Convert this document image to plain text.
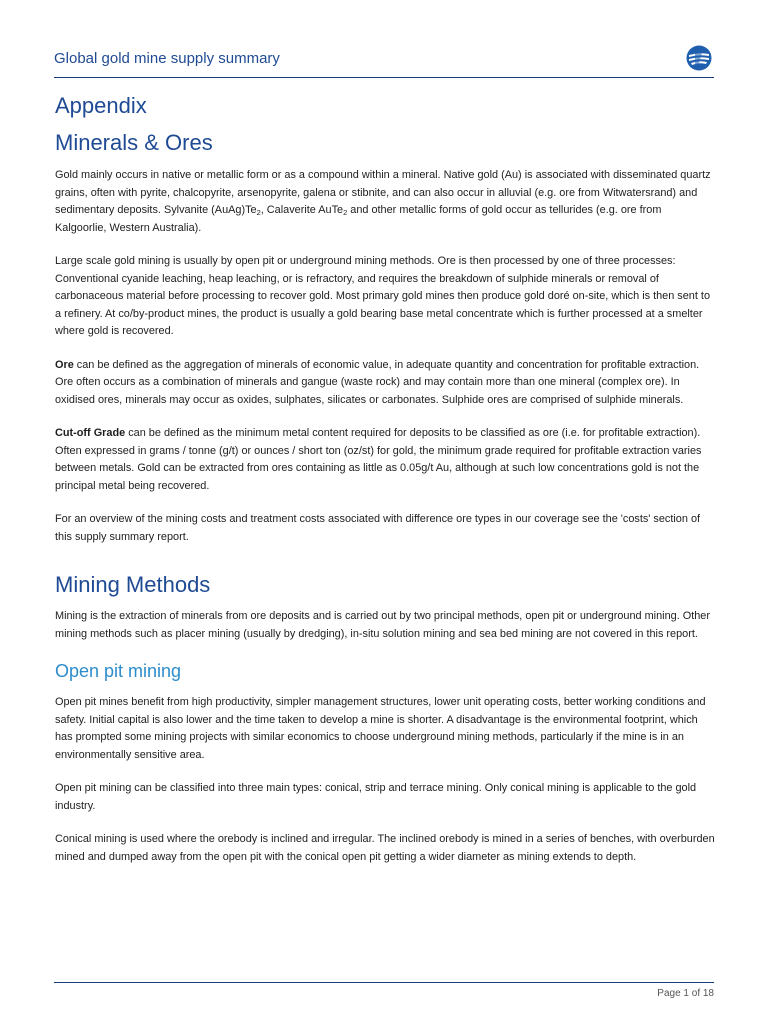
Global gold mine supply summary
Appendix
Minerals & Ores

Gold mainly occurs in native or metallic form or as a compound within a mineral. Native gold (Au) is associated with disseminated quartz grains, often with pyrite, chalcopyrite, arsenopyrite, galena or stibnite, and can also occur in alluvial (e.g. ore from Witwatersrand) and sedimentary deposits. Sylvanite $(AuAg)Te_2$, Calaverite AuTe$_2$ and other metallic forms of gold occur as tellurides (e.g. ore from Kalgoorlie, Western Australia).

Large scale gold mining is usually by open pit or underground mining methods. Ore is then processed by one of three processes: Conventional cyanide leaching, heap leaching, or is refractory, and requires the breakdown of sulphide minerals or removal of carbonaceous material before processing to recover gold. Most primary gold mines then produce gold doré on-site, which is then sent to a refinery. At co/by-product mines, the product is usually a gold bearing base metal concentrate which is further processed at a smelter where gold is recovered.

Ore can be defined as the aggregation of minerals of economic value, in adequate quantity and concentration for profitable extraction. Ore often occurs as a combination of minerals and gangue (waste rock) and may contain more than one mineral (complex ore). In oxidised ores, minerals may occur as oxides, sulphates, silicates or carbonates. Sulphide ores are comprised of sulphide minerals.

Cut-off Grade can be defined as the minimum metal content required for deposits to be classified as ore (i.e. for profitable extraction). Often expressed in grams / tonne (g/t) or ounces / short ton (oz/st) for gold, the minimum grade required for profitable extraction varies between metals. Gold can be extracted from ores containing as little as 0.05g/t Au, although at such low concentrations gold is not the principal metal being recovered.

For an overview of the mining costs and treatment costs associated with difference ore types in our coverage see the 'costs' section of this supply summary report.

Mining Methods

Mining is the extraction of minerals from ore deposits and is carried out by two principal methods, open pit or underground mining. Other mining methods such as placer mining (usually by dredging), in-situ solution mining and sea bed mining are not covered in this report.

Open pit mining

Open pit mines benefit from high productivity, simpler management structures, lower unit operating costs, better working conditions and safety. Initial capital is also lower and the time taken to develop a mine is shorter. A disadvantage is the environmental footprint, which has prompted some mining projects with similar economics to choose underground mining methods, particularly if the mine is in an environmentally sensitive area.

Open pit mining can be classified into three main types: conical, strip and terrace mining. Only conical mining is applicable to the gold industry.

Conical mining is used where the orebody is inclined and irregular. The inclined orebody is mined in a series of benches, with overburden mined and dumped away from the open pit with the conical open pit getting a wider diameter as mining extends to depth.

Page 1 of 18
